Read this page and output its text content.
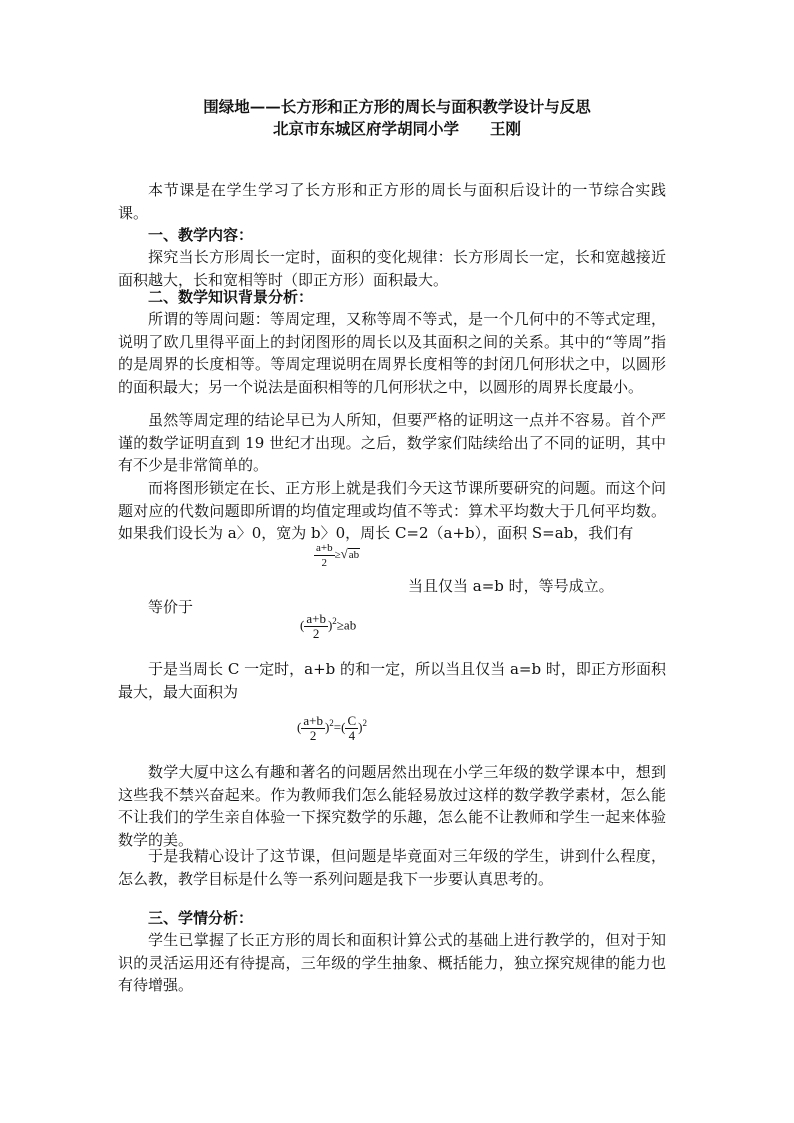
围绿地——长方形和正方形的周长与面积教学设计与反思
北京市东城区府学胡同小学　　王刚
本节课是在学生学习了长方形和正方形的周长与面积后设计的一节综合实践课。
一、教学内容：
探究当长方形周长一定时，面积的变化规律：长方形周长一定，长和宽越接近面积越大，长和宽相等时（即正方形）面积最大。
二、数学知识背景分析：
所谓的等周问题：等周定理，又称等周不等式，是一个几何中的不等式定理，说明了欧几里得平面上的封闭图形的周长以及其面积之间的关系。其中的“等周”指的是周界的长度相等。等周定理说明在周界长度相等的封闭几何形状之中，以圆形的面积最大；另一个说法是面积相等的几何形状之中，以圆形的周界长度最小。
虽然等周定理的结论早已为人所知，但要严格的证明这一点并不容易。首个严谨的数学证明直到 19 世纪才出现。之后，数学家们陆续给出了不同的证明，其中有不少是非常简单的。
而将图形锁定在长、正方形上就是我们今天这节课所要研究的问题。而这个问题对应的代数问题即所谓的均值定理或均值不等式：算术平均数大于几何平均数。如果我们设长为 a〉0，宽为 b〉0，周长 C=2（a+b），面积 S=ab，我们有
$\frac{a+b}{2} \ge√ab$
当且仅当 a=b 时，等号成立。
等价于
( $\frac{a+b}{2} )^2\ge ab$
于是当周长 C 一定时，a+b 的和一定，所以当且仅当 a=b 时，即正方形面积最大，最大面积为
( $\frac{a+b}{2} )^2=( \frac{C}{4} )^2$
数学大厦中这么有趣和著名的问题居然出现在小学三年级的数学课本中，想到这些我不禁兴奋起来。作为教师我们怎么能轻易放过这样的数学教学素材，怎么能不让我们的学生亲自体验一下探究数学的乐趣，怎么能不让教师和学生一起来体验数学的美。
于是我精心设计了这节课，但问题是毕竟面对三年级的学生，讲到什么程度，怎么教，教学目标是什么等一系列问题是我下一步要认真思考的。
三、学情分析：
学生已掌握了长正方形的周长和面积计算公式的基础上进行教学的，但对于知识的灵活运用还有待提高，三年级的学生抽象、概括能力，独立探究规律的能力也有待增强。
